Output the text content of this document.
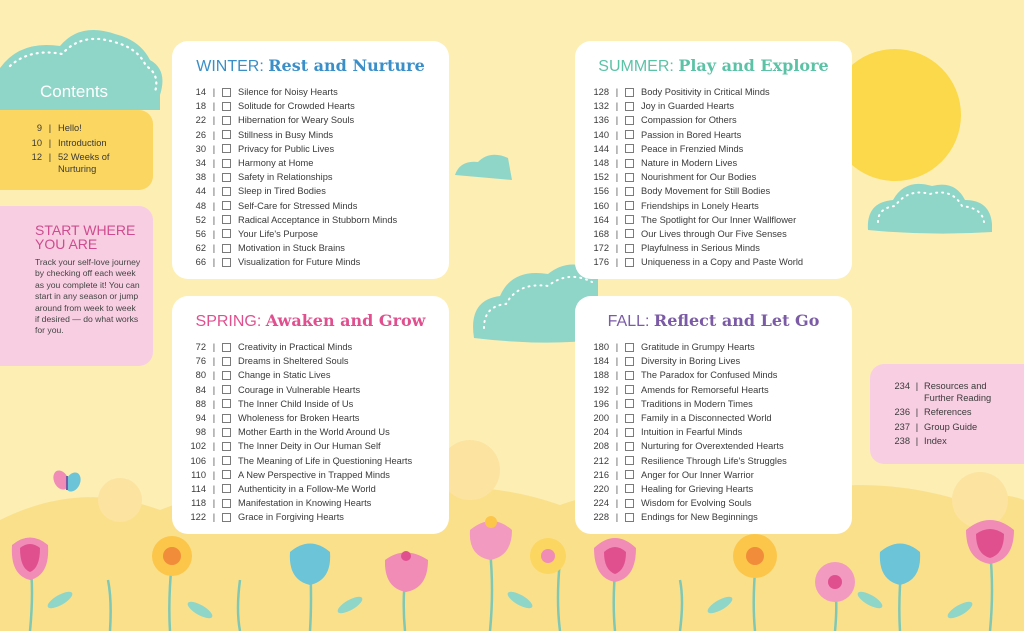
Contents
9 | Hello!
10 | Introduction
12 | 52 Weeks of Nurturing
START WHERE YOU ARE
Track your self-love journey by checking off each week as you complete it! You can start in any season or jump around from week to week if desired — do what works for you.
234 | Resources and Further Reading
236 | References
237 | Group Guide
238 | Index
WINTER: Rest and Nurture
14 |	Silence for Noisy Hearts
18 |	Solitude for Crowded Hearts
22 |	Hibernation for Weary Souls
26 |	Stillness in Busy Minds
30 |	Privacy for Public Lives
34 |	Harmony at Home
38 |	Safety in Relationships
44 |	Sleep in Tired Bodies
48 |	Self-Care for Stressed Minds
52 |	Radical Acceptance in Stubborn Minds
56 |	Your Life's Purpose
62 |	Motivation in Stuck Brains
66 |	Visualization for Future Minds
SUMMER: Play and Explore
128 |	Body Positivity in Critical Minds
132 |	Joy in Guarded Hearts
136 |	Compassion for Others
140 |	Passion in Bored Hearts
144 |	Peace in Frenzied Minds
148 |	Nature in Modern Lives
152 |	Nourishment for Our Bodies
156 |	Body Movement for Still Bodies
160 |	Friendships in Lonely Hearts
164 |	The Spotlight for Our Inner Wallflower
168 |	Our Lives through Our Five Senses
172 |	Playfulness in Serious Minds
176 |	Uniqueness in a Copy and Paste World
SPRING: Awaken and Grow
72 |	Creativity in Practical Minds
76 |	Dreams in Sheltered Souls
80 |	Change in Static Lives
84 |	Courage in Vulnerable Hearts
88 |	The Inner Child Inside of Us
94 |	Wholeness for Broken Hearts
98 |	Mother Earth in the World Around Us
102 |	The Inner Deity in Our Human Self
106 |	The Meaning of Life in Questioning Hearts
110 |	A New Perspective in Trapped Minds
114 |	Authenticity in a Follow-Me World
118 |	Manifestation in Knowing Hearts
122 |	Grace in Forgiving Hearts
FALL: Reflect and Let Go
180 |	Gratitude in Grumpy Hearts
184 |	Diversity in Boring Lives
188 |	The Paradox for Confused Minds
192 |	Amends for Remorseful Hearts
196 |	Traditions in Modern Times
200 |	Family in a Disconnected World
204 |	Intuition in Fearful Minds
208 |	Nurturing for Overextended Hearts
212 |	Resilience Through Life's Struggles
216 |	Anger for Our Inner Warrior
220 |	Healing for Grieving Hearts
224 |	Wisdom for Evolving Souls
228 |	Endings for New Beginnings
